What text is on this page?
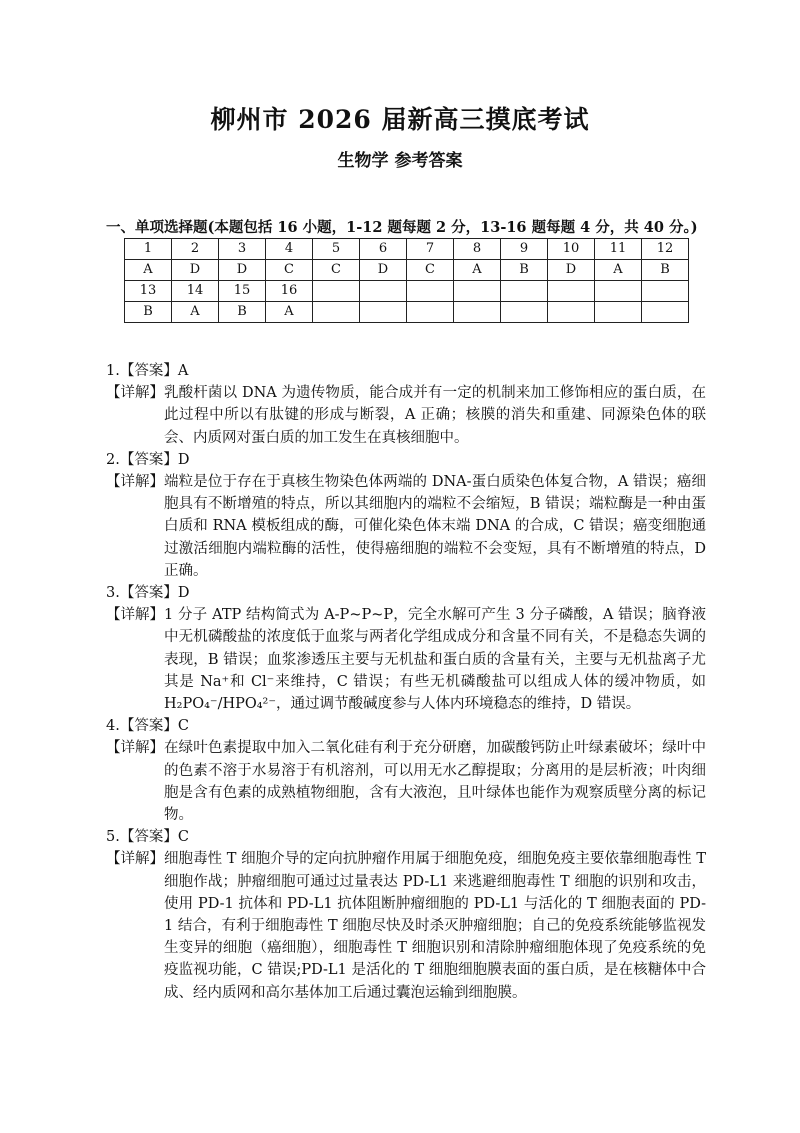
柳州市 2026 届新高三摸底考试
生物学 参考答案
一、单项选择题(本题包括 16 小题，1-12 题每题 2 分，13-16 题每题 4 分，共 40 分。)
1	2	3	4	5	6	7	8	9	10	11	12
A	D	D	C	C	D	C	A	B	D	A	B
13	14	15	16								
B	A	B	A								
1.【答案】A
【详解】 乳酸杆菌以 DNA 为遗传物质，能合成并有一定的机制来加工修饰相应的蛋白质，在此过程中所以有肽键的形成与断裂，A 正确；核膜的消失和重建、同源染色体的联会、内质网对蛋白质的加工发生在真核细胞中。
2.【答案】D
【详解】 端粒是位于存在于真核生物染色体两端的 DNA-蛋白质染色体复合物，A 错误；癌细胞具有不断增殖的特点，所以其细胞内的端粒不会缩短，B 错误；端粒酶是一种由蛋白质和 RNA 模板组成的酶，可催化染色体末端 DNA 的合成，C 错误；癌变细胞通过激活细胞内端粒酶的活性，使得癌细胞的端粒不会变短，具有不断增殖的特点，D 正确。
3.【答案】D
【详解】 1 分子 ATP 结构简式为 A-P~P~P，完全水解可产生 3 分子磷酸，A 错误；脑脊液中无机磷酸盐的浓度低于血浆与两者化学组成成分和含量不同有关，不是稳态失调的表现，B 错误；血浆渗透压主要与无机盐和蛋白质的含量有关，主要与无机盐离子尤其是 Na⁺和 Cl⁻来维持，C 错误；有些无机磷酸盐可以组成人体的缓冲物质，如 H₂PO₄⁻/HPO₄²⁻，通过调节酸碱度参与人体内环境稳态的维持，D 错误。
4.【答案】C
【详解】 在绿叶色素提取中加入二氧化硅有利于充分研磨，加碳酸钙防止叶绿素破坏；绿叶中的色素不溶于水易溶于有机溶剂，可以用无水乙醇提取；分离用的是层析液；叶肉细胞是含有色素的成熟植物细胞，含有大液泡，且叶绿体也能作为观察质壁分离的标记物。
5.【答案】C
【详解】 细胞毒性 T 细胞介导的定向抗肿瘤作用属于细胞免疫，细胞免疫主要依靠细胞毒性 T 细胞作战；肿瘤细胞可通过过量表达 PD-L1 来逃避细胞毒性 T 细胞的识别和攻击，使用 PD-1 抗体和 PD-L1 抗体阻断肿瘤细胞的 PD-L1 与活化的 T 细胞表面的 PD-1 结合，有利于细胞毒性 T 细胞尽快及时杀灭肿瘤细胞；自己的免疫系统能够监视发生变异的细胞（癌细胞），细胞毒性 T 细胞识别和清除肿瘤细胞体现了免疫系统的免疫监视功能，C 错误;PD-L1 是活化的 T 细胞细胞膜表面的蛋白质，是在核糖体中合成、经内质网和高尔基体加工后通过囊泡运输到细胞膜。
